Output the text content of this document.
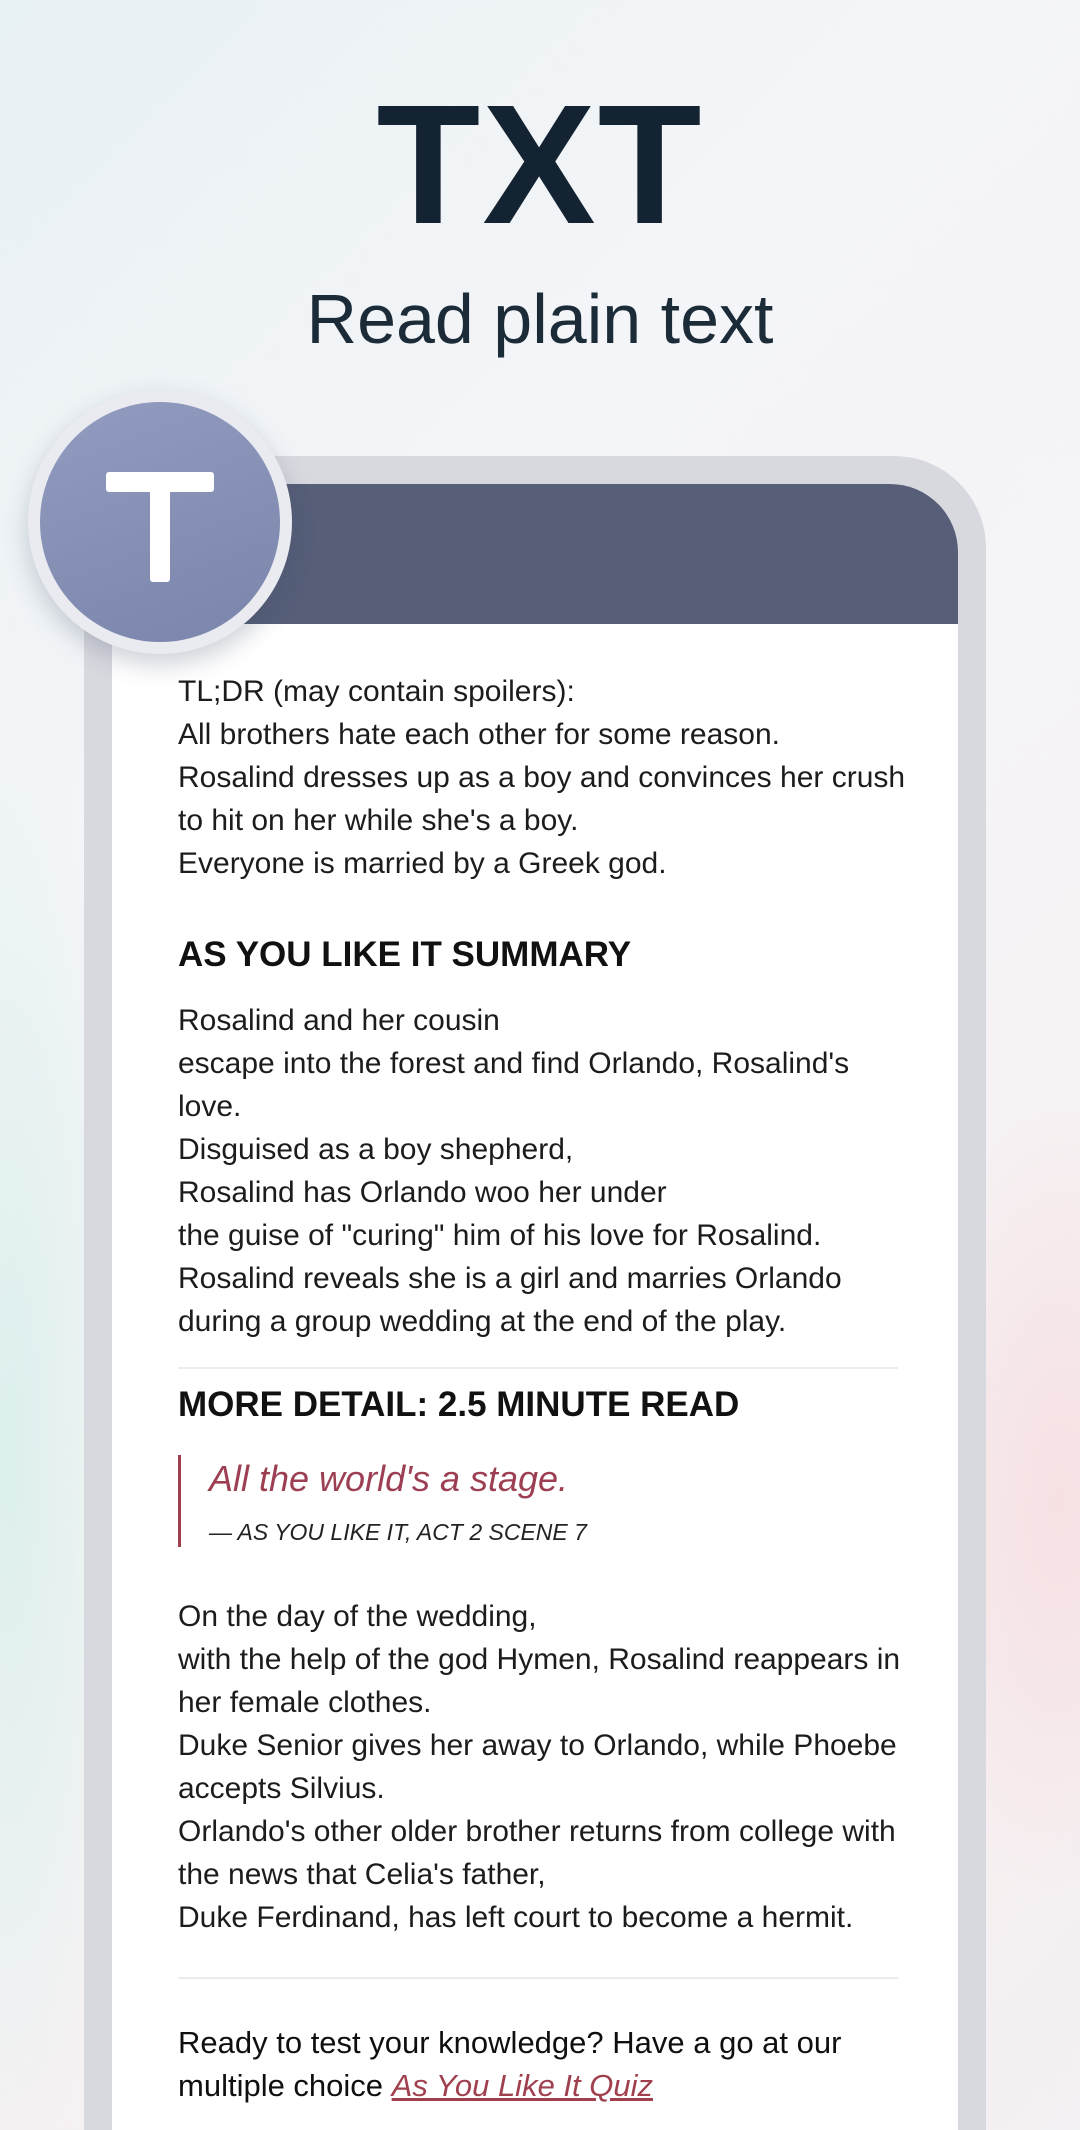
TXT
Read plain text

TL;DR (may contain spoilers):

All brothers hate each other for some reason.

Rosalind dresses up as a boy and convinces her crush to hit on her while she's a boy.

Everyone is married by a Greek god.

AS YOU LIKE IT SUMMARY

Rosalind and her cousin

escape into the forest and find Orlando, Rosalind's love.

Disguised as a boy shepherd,

Rosalind has Orlando woo her under

the guise of "curing" him of his love for Rosalind.

Rosalind reveals she is a girl and marries Orlando during a group wedding at the end of the play.

MORE DETAIL: 2.5 MINUTE READ
All the world's a stage.
— AS YOU LIKE IT, ACT 2 SCENE 7

On the day of the wedding,

with the help of the god Hymen, Rosalind reappears in her female clothes.

Duke Senior gives her away to Orlando, while Phoebe accepts Silvius.

Orlando's other older brother returns from college with the news that Celia's father,

Duke Ferdinand, has left court to become a hermit.

Ready to test your knowledge? Have a go at our multiple choice As You Like It Quiz
